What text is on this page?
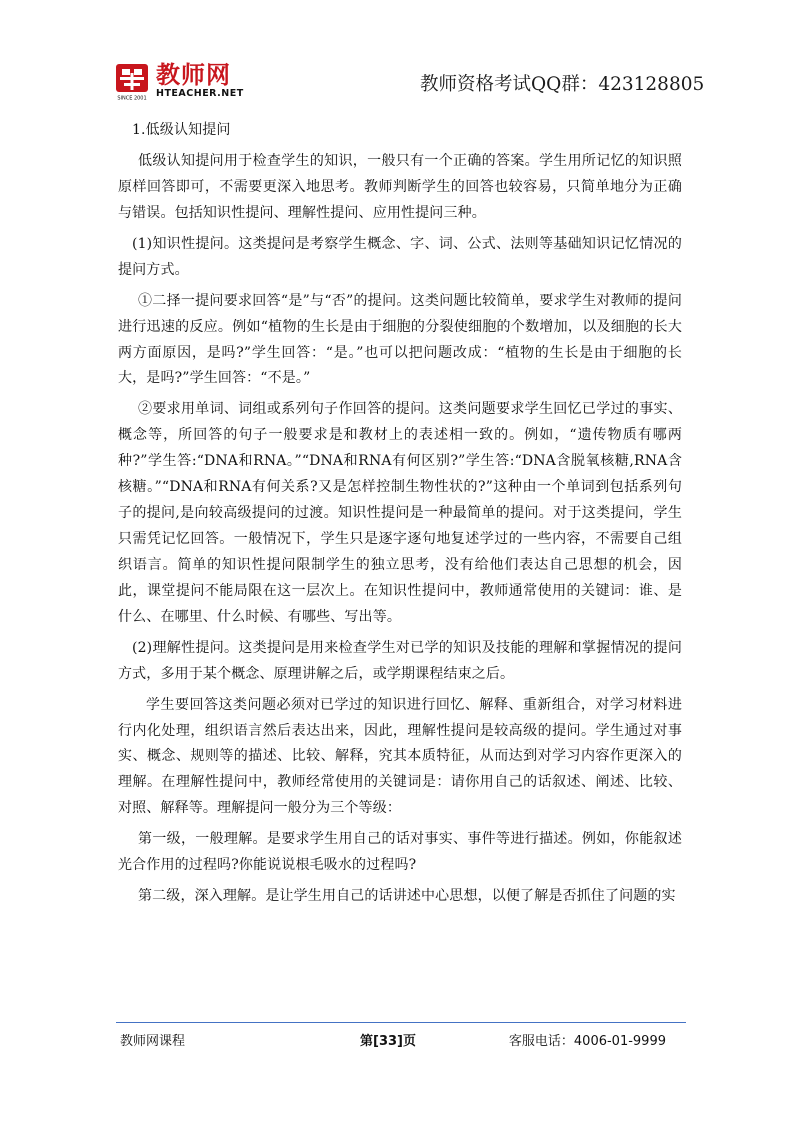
SINCE 2001
教师网
HTEACHER.NET	教师资格考试QQ群：423128805

1.低级认知提问

低级认知提问用于检查学生的知识，一般只有一个正确的答案。学生用所记忆的知识照原样回答即可，不需要更深入地思考。教师判断学生的回答也较容易，只简单地分为正确与错误。包括知识性提问、理解性提问、应用性提问三种。

(1)知识性提问。这类提问是考察学生概念、字、词、公式、法则等基础知识记忆情况的提问方式。

①二择一提问要求回答“是”与“否”的提问。这类问题比较简单，要求学生对教师的提问进行迅速的反应。例如“植物的生长是由于细胞的分裂使细胞的个数增加，以及细胞的长大两方面原因，是吗?”学生回答：“是。”也可以把问题改成：“植物的生长是由于细胞的长大，是吗?”学生回答：“不是。”

②要求用单词、词组或系列句子作回答的提问。这类问题要求学生回忆已学过的事实、概念等，所回答的句子一般要求是和教材上的表述相一致的。例如，“遗传物质有哪两种?”学生答:“DNA和RNA。”“DNA和RNA有何区别?”学生答:“DNA含脱氧核糖,RNA含核糖。”“DNA和RNA有何关系?又是怎样控制生物性状的?”这种由一个单词到包括系列句子的提问,是向较高级提问的过渡。知识性提问是一种最简单的提问。对于这类提问，学生只需凭记忆回答。一般情况下，学生只是逐字逐句地复述学过的一些内容，不需要自己组织语言。简单的知识性提问限制学生的独立思考，没有给他们表达自己思想的机会，因此，课堂提问不能局限在这一层次上。在知识性提问中，教师通常使用的关键词：谁、是什么、在哪里、什么时候、有哪些、写出等。

(2)理解性提问。这类提问是用来检查学生对已学的知识及技能的理解和掌握情况的提问方式，多用于某个概念、原理讲解之后，或学期课程结束之后。

学生要回答这类问题必须对已学过的知识进行回忆、解释、重新组合，对学习材料进行内化处理，组织语言然后表达出来，因此，理解性提问是较高级的提问。学生通过对事实、概念、规则等的描述、比较、解释，究其本质特征，从而达到对学习内容作更深入的理解。在理解性提问中，教师经常使用的关键词是：请你用自己的话叙述、阐述、比较、对照、解释等。理解提问一般分为三个等级：

第一级，一般理解。是要求学生用自己的话对事实、事件等进行描述。例如，你能叙述光合作用的过程吗?你能说说根毛吸水的过程吗?

第二级，深入理解。是让学生用自己的话讲述中心思想，以便了解是否抓住了问题的实

教师网课程	第[33]页	客服电话：4006-01-9999
